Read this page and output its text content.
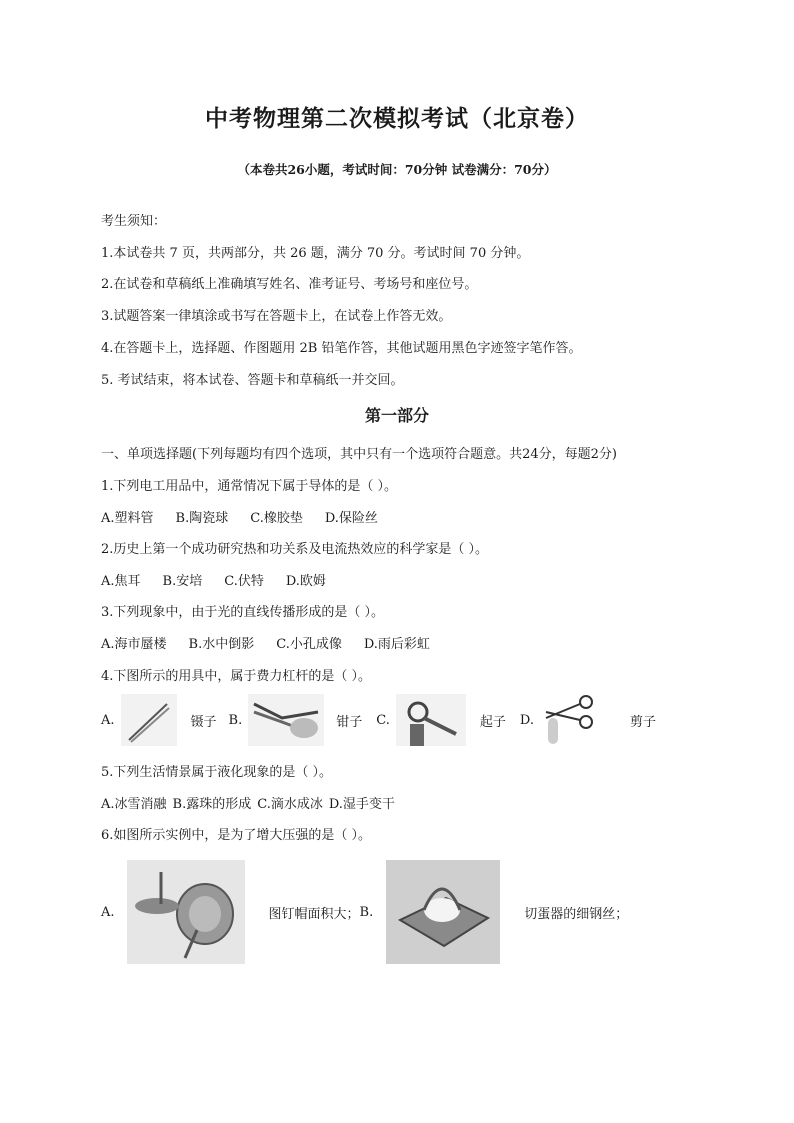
中考物理第二次模拟考试（北京卷）
（本卷共26小题，考试时间：70分钟 试卷满分：70分）
考生须知：
1.本试卷共 7 页，共两部分，共 26 题，满分 70 分。考试时间 70 分钟。
2.在试卷和草稿纸上准确填写姓名、准考证号、考场号和座位号。
3.试题答案一律填涂或书写在答题卡上，在试卷上作答无效。
4.在答题卡上，选择题、作图题用 2B 铅笔作答，其他试题用黑色字迹签字笔作答。
5. 考试结束，将本试卷、答题卡和草稿纸一并交回。
第一部分
一、单项选择题(下列每题均有四个选项，其中只有一个选项符合题意。共24分，每题2分)
1.下列电工用品中，通常情况下属于导体的是（ ）。
A.塑料管 B.陶瓷球 C.橡胶垫 D.保险丝
2.历史上第一个成功研究热和功关系及电流热效应的科学家是（ ）。
A.焦耳 B.安培 C.伏特 D.欧姆
3.下列现象中，由于光的直线传播形成的是（ ）。
A.海市蜃楼 B.水中倒影 C.小孔成像 D.雨后彩虹
4.下图所示的用具中，属于费力杠杆的是（ ）。
A.	镊子 B.	钳子 C.	起子 D.	剪子
5.下列生活情景属于液化现象的是（ ）。
A.冰雪消融 B.露珠的形成 C.滴水成冰 D.湿手变干
6.如图所示实例中，是为了增大压强的是（ ）。
A.	图钉帽面积大； B.	切蛋器的细钢丝；
